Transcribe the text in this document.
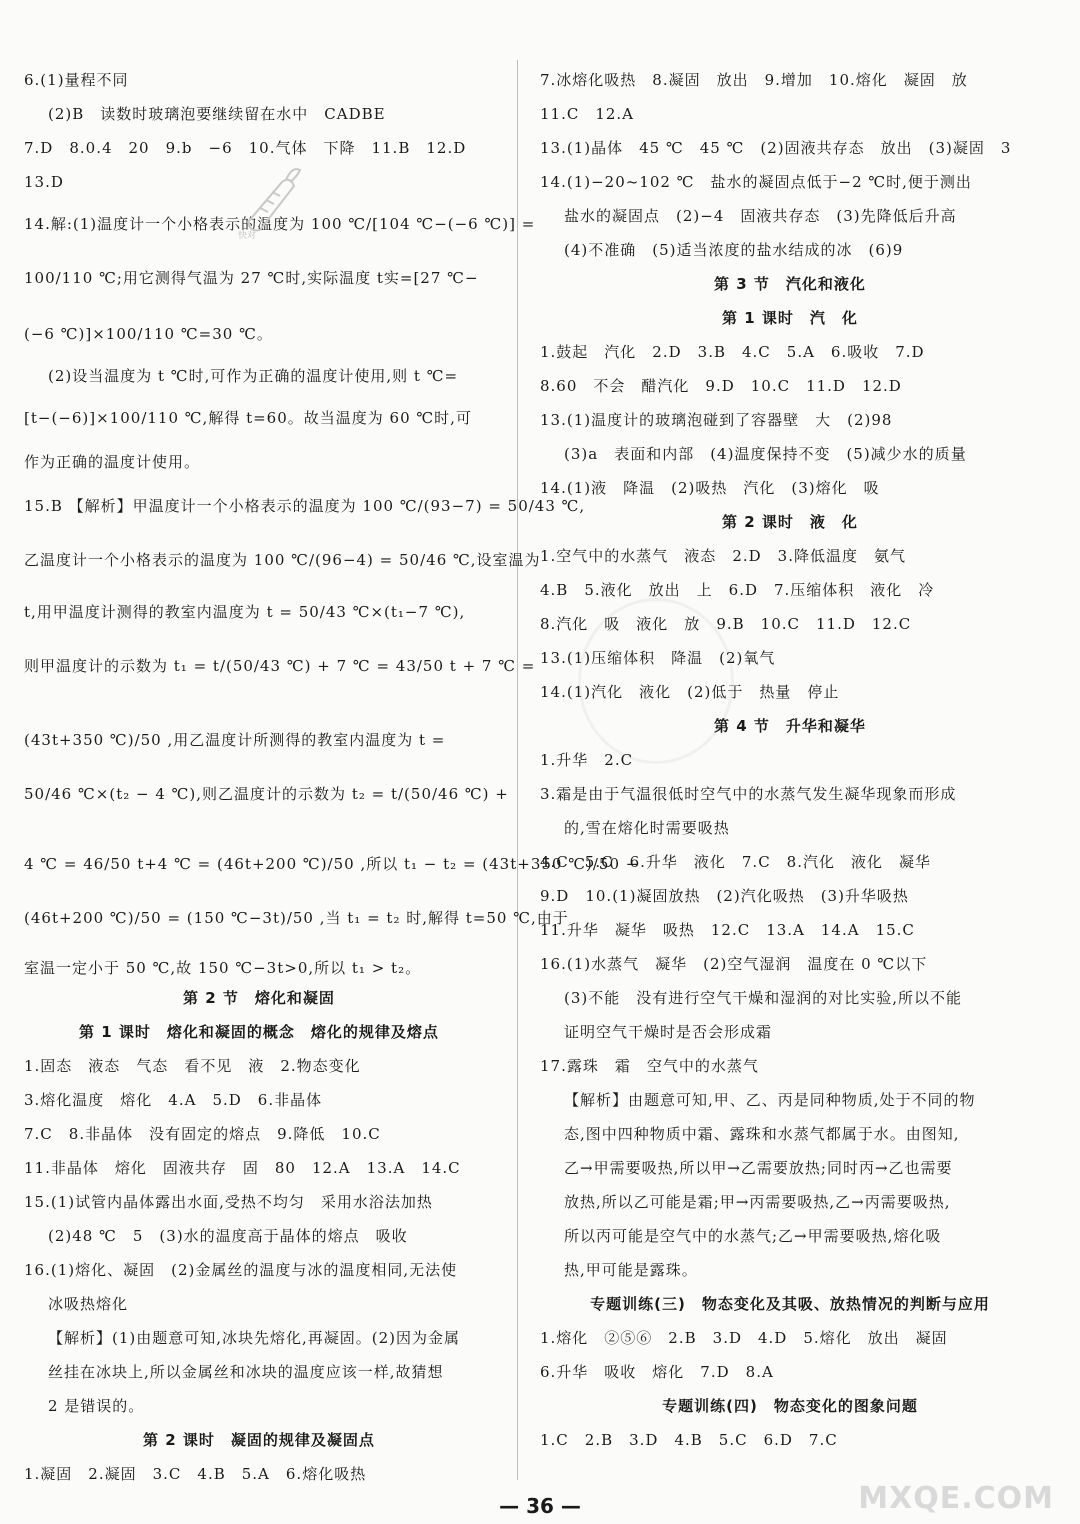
6.(1)量程不同
(2)B　读数时玻璃泡要继续留在水中　CADBE
7.D　8.0.4　20　9.b　−6　10.气体　下降　11.B　12.D
13.D
14.解:(1)温度计一个小格表示的温度为 100 ℃/[104 ℃−(−6 ℃)] =
100/110 ℃;用它测得气温为 27 ℃时,实际温度 t实=[27 ℃−
(−6 ℃)]×100/110 ℃=30 ℃。
(2)设当温度为 t ℃时,可作为正确的温度计使用,则 t ℃=
[t−(−6)]×100/110 ℃,解得 t=60。故当温度为 60 ℃时,可
作为正确的温度计使用。
15.B 【解析】甲温度计一个小格表示的温度为 100 ℃/(93−7) = 50/43 ℃,
乙温度计一个小格表示的温度为 100 ℃/(96−4) = 50/46 ℃,设室温为
t,用甲温度计测得的教室内温度为 t = 50/43 ℃×(t₁−7 ℃),
则甲温度计的示数为 t₁ = t/(50/43 ℃) + 7 ℃ = 43/50 t + 7 ℃ =
(43t+350 ℃)/50 ,用乙温度计所测得的教室内温度为 t =
50/46 ℃×(t₂ − 4 ℃),则乙温度计的示数为 t₂ = t/(50/46 ℃) +
4 ℃ = 46/50 t+4 ℃ = (46t+200 ℃)/50 ,所以 t₁ − t₂ = (43t+350 ℃)/50 −
(46t+200 ℃)/50 = (150 ℃−3t)/50 ,当 t₁ = t₂ 时,解得 t=50 ℃,由于
室温一定小于 50 ℃,故 150 ℃−3t>0,所以 t₁ > t₂。
第 2 节　熔化和凝固
第 1 课时　熔化和凝固的概念　熔化的规律及熔点
1.固态　液态　气态　看不见　液　2.物态变化
3.熔化温度　熔化　4.A　5.D　6.非晶体
7.C　8.非晶体　没有固定的熔点　9.降低　10.C
11.非晶体　熔化　固液共存　固　80　12.A　13.A　14.C
15.(1)试管内晶体露出水面,受热不均匀　采用水浴法加热
(2)48 ℃　5　(3)水的温度高于晶体的熔点　吸收
16.(1)熔化、凝固　(2)金属丝的温度与冰的温度相同,无法使
冰吸热熔化
【解析】(1)由题意可知,冰块先熔化,再凝固。(2)因为金属
丝挂在冰块上,所以金属丝和冰块的温度应该一样,故猜想
2 是错误的。
第 2 课时　凝固的规律及凝固点
1.凝固　2.凝固　3.C　4.B　5.A　6.熔化吸热
7.冰熔化吸热　8.凝固　放出　9.增加　10.熔化　凝固　放
11.C　12.A
13.(1)晶体　45 ℃　45 ℃　(2)固液共存态　放出　(3)凝固　3
14.(1)−20~102 ℃　盐水的凝固点低于−2 ℃时,便于测出
盐水的凝固点　(2)−4　固液共存态　(3)先降低后升高
(4)不准确　(5)适当浓度的盐水结成的冰　(6)9
第 3 节　汽化和液化
第 1 课时　汽　化
1.鼓起　汽化　2.D　3.B　4.C　5.A　6.吸收　7.D
8.60　不会　醋汽化　9.D　10.C　11.D　12.D
13.(1)温度计的玻璃泡碰到了容器壁　大　(2)98
(3)a　表面和内部　(4)温度保持不变　(5)减少水的质量
14.(1)液　降温　(2)吸热　汽化　(3)熔化　吸
第 2 课时　液　化
1.空气中的水蒸气　液态　2.D　3.降低温度　氨气
4.B　5.液化　放出　上　6.D　7.压缩体积　液化　冷
8.汽化　吸　液化　放　9.B　10.C　11.D　12.C
13.(1)压缩体积　降温　(2)氧气
14.(1)汽化　液化　(2)低于　热量　停止
第 4 节　升华和凝华
1.升华　2.C
3.霜是由于气温很低时空气中的水蒸气发生凝华现象而形成
的,雪在熔化时需要吸热
4.C　5.C　6.升华　液化　7.C　8.汽化　液化　凝华
9.D　10.(1)凝固放热　(2)汽化吸热　(3)升华吸热
11.升华　凝华　吸热　12.C　13.A　14.A　15.C
16.(1)水蒸气　凝华　(2)空气湿润　温度在 0 ℃以下
(3)不能　没有进行空气干燥和湿润的对比实验,所以不能
证明空气干燥时是否会形成霜
17.露珠　霜　空气中的水蒸气
【解析】由题意可知,甲、乙、丙是同种物质,处于不同的物
态,图中四种物质中霜、露珠和水蒸气都属于水。由图知,
乙→甲需要吸热,所以甲→乙需要放热;同时丙→乙也需要
放热,所以乙可能是霜;甲→丙需要吸热,乙→丙需要吸热,
所以丙可能是空气中的水蒸气;乙→甲需要吸热,熔化吸
热,甲可能是露珠。
专题训练(三)　物态变化及其吸、放热情况的判断与应用
1.熔化　②⑤⑥　2.B　3.D　4.D　5.熔化　放出　凝固
6.升华　吸收　熔化　7.D　8.A
专题训练(四)　物态变化的图象问题
1.C　2.B　3.D　4.B　5.C　6.D　7.C
快对
MXQE.COM
— 36 —
